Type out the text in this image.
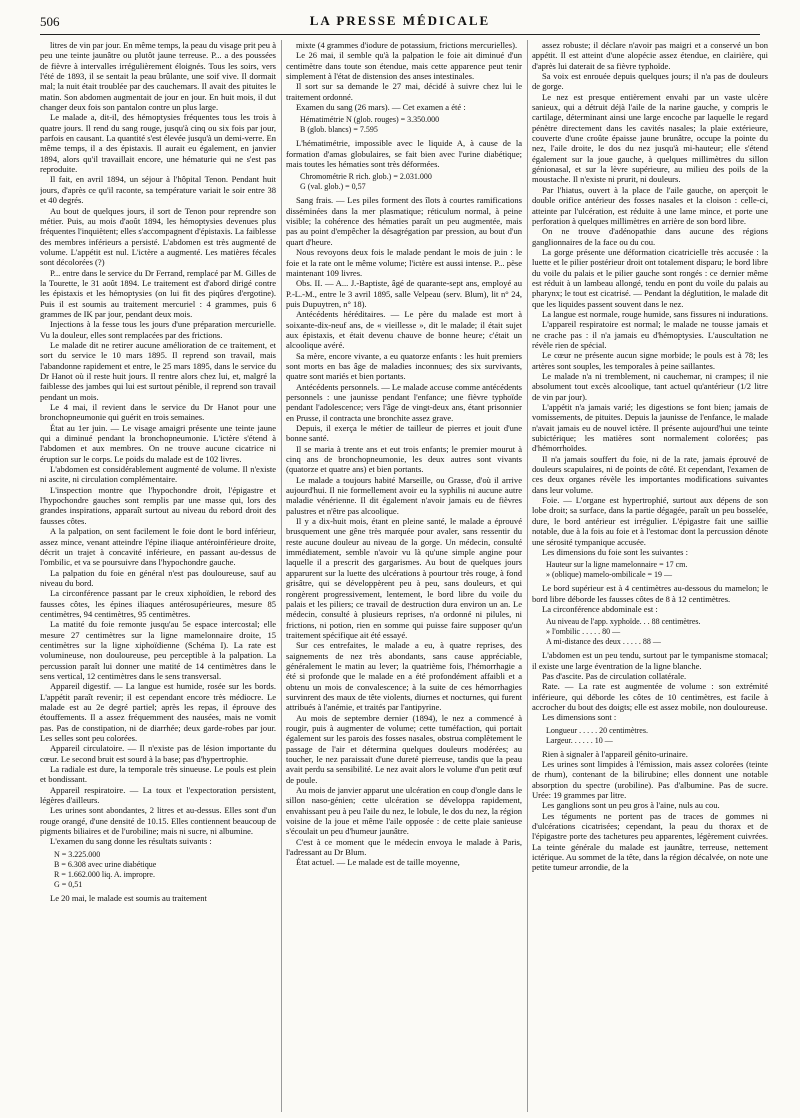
506	LA PRESSE MÉDICALE

litres de vin par jour. En même temps, la peau du visage prit peu à peu une teinte jaunâtre ou plutôt jaune terreuse. P... a des poussées de fièvre à intervalles irrégulièrement éloignés. Tous les soirs, vers l'été de 1893, il se sentait la peau brûlante, une soif vive. Il dormait mal; la nuit était troublée par des cauchemars. Il avait des pituites le matin. Son abdomen augmentait de jour en jour. En huit mois, il dut changer deux fois son pantalon contre un plus large.

Le malade a, dit-il, des hémoptysies fréquentes tous les trois à quatre jours. Il rend du sang rouge, jusqu'à cinq ou six fois par jour, parfois en causant. La quantité s'est élevée jusqu'à un demi-verre. En même temps, il a des épistaxis. Il aurait eu également, en janvier 1894, alors qu'il travaillait encore, une hématurie qui ne s'est pas reproduite.

Il fait, en avril 1894, un séjour à l'hôpital Tenon. Pendant huit jours, d'après ce qu'il raconte, sa température variait le soir entre 38 et 40 degrés.

Au bout de quelques jours, il sort de Tenon pour reprendre son métier. Puis, au mois d'août 1894, les hémoptysies devenues plus fréquentes l'inquiètent; elles s'accompagnent d'épistaxis. La faiblesse des membres inférieurs a persisté. L'abdomen est très augmenté de volume. L'appétit est nul. L'ictère a augmenté. Les matières fécales sont décolorées (?)

P... entre dans le service du Dr Ferrand, remplacé par M. Gilles de la Tourette, le 31 août 1894. Le traitement est d'abord dirigé contre les épistaxis et les hémoptysies (on lui fit des piqûres d'ergotine). Puis il est soumis au traitement mercuriel : 4 grammes, puis 6 grammes de IK par jour, pendant deux mois.

Injections à la fesse tous les jours d'une préparation mercurielle. Vu la douleur, elles sont remplacées par des frictions.

Le malade dit ne retirer aucune amélioration de ce traitement, et sort du service le 10 mars 1895. Il reprend son travail, mais l'abandonne rapidement et entre, le 25 mars 1895, dans le service du Dr Hanot où il reste huit jours. Il rentre alors chez lui, et, malgré la faiblesse des jambes qui lui est surtout pénible, il reprend son travail pendant un mois.

Le 4 mai, il revient dans le service du Dr Hanot pour une bronchopneumonie qui guérit en trois semaines.

État au 1er juin. — Le visage amaigri présente une teinte jaune qui a diminué pendant la bronchopneumonie. L'ictère s'étend à l'abdomen et aux membres. On ne trouve aucune cicatrice ni éruption sur le corps. Le poids du malade est de 102 livres.

L'abdomen est considérablement augmenté de volume. Il n'existe ni ascite, ni circulation complémentaire.

L'inspection montre que l'hypochondre droit, l'épigastre et l'hypochondre gauches sont remplis par une masse qui, lors des grandes inspirations, apparaît surtout au niveau du rebord droit des fausses côtes.

A la palpation, on sent facilement le foie dont le bord inférieur, assez mince, venant atteindre l'épine iliaque antéroinférieure droite, décrit un trajet à concavité inférieure, en passant au-dessus de l'ombilic, et va se poursuivre dans l'hypochondre gauche.

La palpation du foie en général n'est pas douloureuse, sauf au niveau du bord.

La circonférence passant par le creux xiphoïdien, le rebord des fausses côtes, les épines iliaques antérosupérieures, mesure 85 centimètres, 94 centimètres, 95 centimètres.

La matité du foie remonte jusqu'au 5e espace intercostal; elle mesure 27 centimètres sur la ligne mamelonnaire droite, 15 centimètres sur la ligne xiphoïdienne (Schéma I). La rate est volumineuse, non douloureuse, peu perceptible à la palpation. La percussion paraît lui donner une matité de 14 centimètres dans le sens vertical, 12 centimètres dans le sens transversal.

Appareil digestif. — La langue est humide, rosée sur les bords. L'appétit paraît revenir; il est cependant encore très médiocre. Le malade est au 2e degré partiel; après les repas, il éprouve des étouffements. Il a assez fréquemment des nausées, mais ne vomit pas. Pas de constipation, ni de diarrhée; deux garde-robes par jour. Les selles sont peu colorées.

Appareil circulatoire. — Il n'existe pas de lésion importante du cœur. Le second bruit est sourd à la base; pas d'hypertrophie.

La radiale est dure, la temporale très sinueuse. Le pouls est plein et bondissant.

Appareil respiratoire. — La toux et l'expectoration persistent, légères d'ailleurs.

Les urines sont abondantes, 2 litres et au-dessus. Elles sont d'un rouge orangé, d'une densité de 10.15. Elles contiennent beaucoup de pigments biliaires et de l'urobiline; mais ni sucre, ni albumine.

L'examen du sang donne les résultats suivants :

N = 3.225.000
B = 6.308 avec urine diabétique
R = 1.662.000 liq. A. impropre.
G = 0,51

Le 20 mai, le malade est soumis au traitement

mixte (4 grammes d'iodure de potassium, frictions mercurielles).

Le 26 mai, il semble qu'à la palpation le foie ait diminué d'un centimètre dans toute son étendue, mais cette apparence peut tenir simplement à l'état de distension des anses intestinales.

Il sort sur sa demande le 27 mai, décidé à suivre chez lui le traitement ordonné.

Examen du sang (26 mars). — Cet examen a été :

Hématimétrie N (glob. rouges) = 3.350.000
B (glob. blancs) = 7.595

L'hématimétrie, impossible avec le liquide A, à cause de la formation d'amas globulaires, se fait bien avec l'urine diabétique; mais toutes les hématies sont très déformées.

Chromométrie R rich. glob.) = 2.031.000
G (val. glob.) = 0,57

Sang frais. — Les piles forment des îlots à courtes ramifications disséminées dans la mer plasmatique; réticulum normal, à peine visible; la cohérence des hématies paraît un peu augmentée, mais pas au point d'empêcher la désagrégation par pression, au bout d'un quart d'heure.

Nous revoyons deux fois le malade pendant le mois de juin : le foie et la rate ont le même volume; l'ictère est aussi intense. P... pèse maintenant 109 livres.

Obs. II. — A... J.-Baptiste, âgé de quarante-sept ans, employé au P.-L.-M., entre le 3 avril 1895, salle Velpeau (serv. Blum), lit n° 24, puis Dupuytren, n° 18).

Antécédents héréditaires. — Le père du malade est mort à soixante-dix-neuf ans, de « vieillesse », dit le malade; il était sujet aux épistaxis, et était devenu chauve de bonne heure; c'était un alcoolique avéré.

Sa mère, encore vivante, a eu quatorze enfants : les huit premiers sont morts en bas âge de maladies inconnues; des six survivants, quatre sont mariés et bien portants.

Antécédents personnels. — Le malade accuse comme antécédents personnels : une jaunisse pendant l'enfance; une fièvre typhoïde pendant l'adolescence; vers l'âge de vingt-deux ans, étant prisonnier en Prusse, il contracta une bronchite assez grave.

Depuis, il exerça le métier de tailleur de pierres et jouit d'une bonne santé.

Il se maria à trente ans et eut trois enfants; le premier mourut à cinq ans de bronchopneumonie, les deux autres sont vivants (quatorze et quatre ans) et bien portants.

Le malade a toujours habité Marseille, ou Grasse, d'où il arrive aujourd'hui. Il nie formellement avoir eu la syphilis ni aucune autre maladie vénérienne. Il dit également n'avoir jamais eu de fièvres palustres et n'être pas alcoolique.

Il y a dix-huit mois, étant en pleine santé, le malade a éprouvé brusquement une gêne très marquée pour avaler, sans ressentir du reste aucune douleur au niveau de la gorge. Un médecin, consulté immédiatement, semble n'avoir vu là qu'une simple angine pour laquelle il a prescrit des gargarismes. Au bout de quelques jours apparurent sur la luette des ulcérations à pourtour très rouge, à fond grisâtre, qui se développèrent peu à peu, sans douleurs, et qui rongèrent progressivement, lentement, le bord libre du voile du palais et les piliers; ce travail de destruction dura environ un an. Le médecin, consulté à plusieurs reprises, n'a ordonné ni pilules, ni frictions, ni potion, rien en somme qui puisse faire supposer qu'un traitement spécifique ait été essayé.

Sur ces entrefaites, le malade a eu, à quatre reprises, des saignements de nez très abondants, sans cause appréciable, généralement le matin au lever; la quatrième fois, l'hémorrhagie a été si profonde que le malade en a été profondément affaibli et a obtenu un mois de convalescence; à la suite de ces hémorrhagies survinrent des maux de tête violents, diurnes et nocturnes, qui furent attribués à l'anémie, et traités par l'antipyrine.

Au mois de septembre dernier (1894), le nez a commencé à rougir, puis à augmenter de volume; cette tuméfaction, qui portait également sur les parois des fosses nasales, obstrua complètement le passage de l'air et détermina quelques douleurs modérées; au toucher, le nez paraissait d'une dureté pierreuse, tandis que la peau avait perdu sa sensibilité. Le nez avait alors le volume d'un petit œuf de poule.

Au mois de janvier apparut une ulcération en coup d'ongle dans le sillon naso-génien; cette ulcération se développa rapidement, envahissant peu à peu l'aile du nez, le lobule, le dos du nez, la région voisine de la joue et même l'aile opposée : de cette plaie sanieuse s'écoulait un peu d'humeur jaunâtre.

C'est à ce moment que le médecin envoya le malade à Paris, l'adressant au Dr Blum.

État actuel. — Le malade est de taille moyenne,

assez robuste; il déclare n'avoir pas maigri et a conservé un bon appétit. Il est atteint d'une alopécie assez étendue, en clairière, qui d'après lui daterait de sa fièvre typhoïde.

Sa voix est enrouée depuis quelques jours; il n'a pas de douleurs de gorge.

Le nez est presque entièrement envahi par un vaste ulcère sanieux, qui a détruit déjà l'aile de la narine gauche, y compris le cartilage, déterminant ainsi une large encoche par laquelle le regard pénètre directement dans les cavités nasales; la plaie extérieure, couverte d'une croûte épaisse jaune brunâtre, occupe la pointe du nez, l'aile droite, le dos du nez jusqu'à mi-hauteur; elle s'étend également sur la joue gauche, à quelques millimètres du sillon génionasal, et sur la lèvre supérieure, au milieu des poils de la moustache. Il n'existe ni prurit, ni douleurs.

Par l'hiatus, ouvert à la place de l'aile gauche, on aperçoit le double orifice antérieur des fosses nasales et la cloison : celle-ci, atteinte par l'ulcération, est réduite à une lame mince, et porte une perforation à quelques millimètres en arrière de son bord libre.

On ne trouve d'adénopathie dans aucune des régions ganglionnaires de la face ou du cou.

La gorge présente une déformation cicatricielle très accusée : la luette et le pilier postérieur droit ont totalement disparu; le bord libre du voile du palais et le pilier gauche sont rongés : ce dernier même est réduit à un lambeau allongé, tendu en pont du voile du palais au pharynx; le tout est cicatrisé. — Pendant la déglutition, le malade dit que les liquides passent souvent dans le nez.

La langue est normale, rouge humide, sans fissures ni indurations.

L'appareil respiratoire est normal; le malade ne tousse jamais et ne crache pas : il n'a jamais eu d'hémoptysies. L'auscultation ne révèle rien de spécial.

Le cœur ne présente aucun signe morbide; le pouls est à 78; les artères sont souples, les temporales à peine saillantes.

Le malade n'a ni tremblement, ni cauchemar, ni crampes; il nie absolument tout excès alcoolique, tant actuel qu'antérieur (1/2 litre de vin par jour).

L'appétit n'a jamais varié; les digestions se font bien; jamais de vomissements, de pituites. Depuis la jaunisse de l'enfance, le malade n'avait jamais eu de nouvel ictère. Il présente aujourd'hui une teinte subictérique; les matières sont normalement colorées; pas d'hémorrhoïdes.

Il n'a jamais souffert du foie, ni de la rate, jamais éprouvé de douleurs scapulaires, ni de points de côté. Et cependant, l'examen de ces deux organes révèle les importantes modifications suivantes dans leur volume.

Foie. — L'organe est hypertrophié, surtout aux dépens de son lobe droit; sa surface, dans la partie dégagée, paraît un peu bosselée, dure, le bord antérieur est irrégulier. L'épigastre fait une saillie notable, due à la fois au foie et à l'estomac dont la percussion dénote une sérosité tympanique accusée.

Les dimensions du foie sont les suivantes :

Hauteur sur la ligne mamelonnaire = 17 cm.
» (oblique) mamelo-ombilicale = 19 —

Le bord supérieur est à 4 centimètres au-dessous du mamelon; le bord libre déborde les fausses côtes de 8 à 12 centimètres.

La circonférence abdominale est :

Au niveau de l'app. xyphoïde. . . 88 centimètres.
» l'ombilic . . . . . 80 —
A mi-distance des deux . . . . . 88 —

L'abdomen est un peu tendu, surtout par le tympanisme stomacal; il existe une large éventration de la ligne blanche.

Pas d'ascite. Pas de circulation collatérale.

Rate. — La rate est augmentée de volume : son extrémité inférieure, qui déborde les côtes de 10 centimètres, est facile à accrocher du bout des doigts; elle est assez mobile, non douloureuse.

Les dimensions sont :

Longueur . . . . . 20 centimètres.
Largeur. . . . . . 10 —

Rien à signaler à l'appareil génito-urinaire.

Les urines sont limpides à l'émission, mais assez colorées (teinte de rhum), contenant de la bilirubine; elles donnent une notable absorption du spectre (urobiline). Pas d'albumine. Pas de sucre. Urée: 19 grammes par litre.

Les ganglions sont un peu gros à l'aine, nuls au cou.

Les téguments ne portent pas de traces de gommes ni d'ulcérations cicatrisées; cependant, la peau du thorax et de l'épigastre porte des tachetures peu apparentes, légèrement cuivrées. La teinte générale du malade est jaunâtre, terreuse, nettement ictérique. Au sommet de la tête, dans la région décalvée, on note une petite tumeur arrondie, de la
